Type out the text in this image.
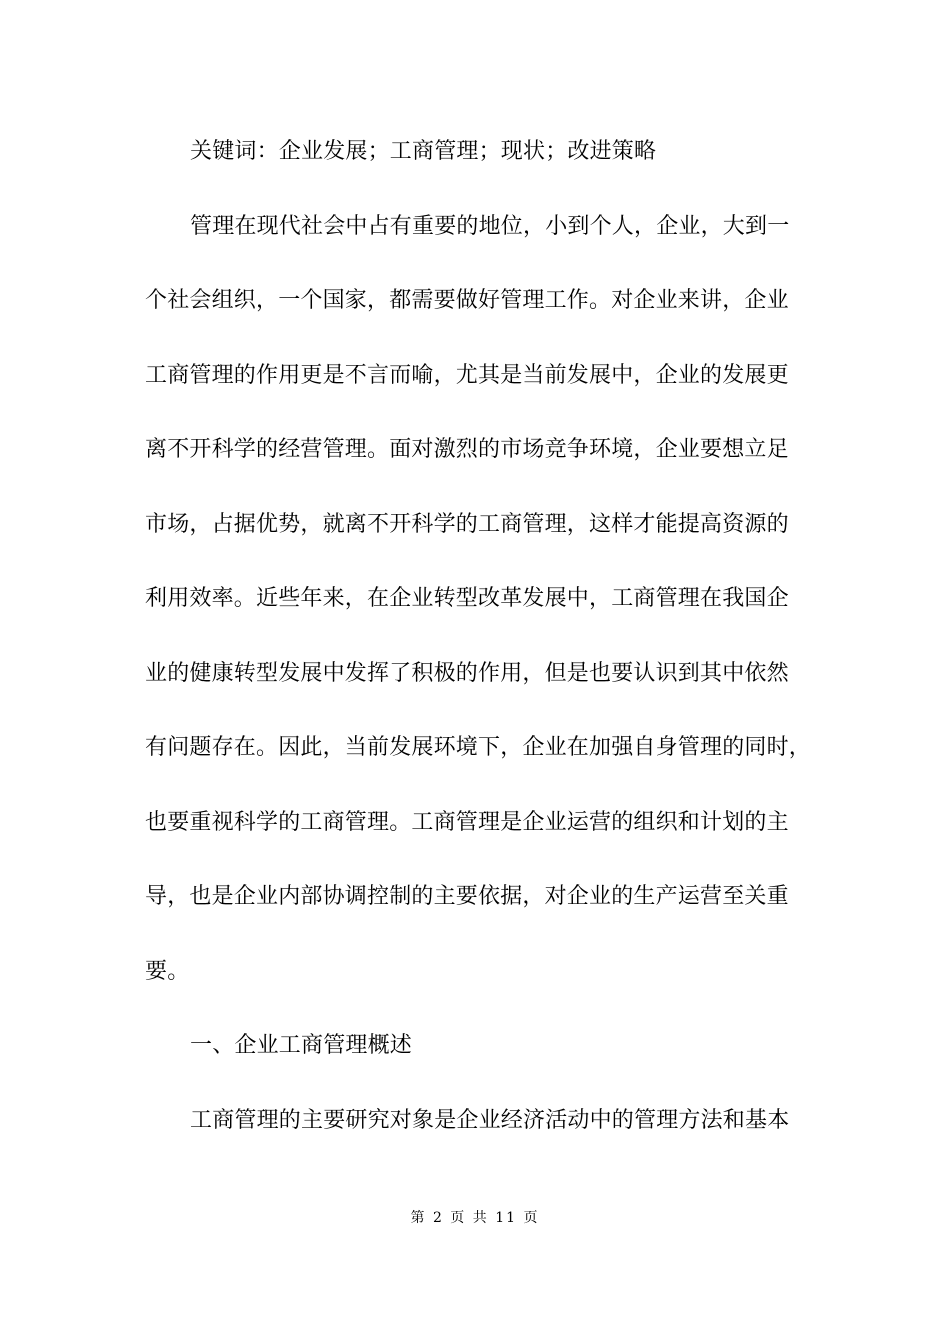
关键词：企业发展；工商管理；现状；改进策略
管理在现代社会中占有重要的地位，小到个人，企业，大到一
个社会组织，一个国家，都需要做好管理工作。对企业来讲，企业
工商管理的作用更是不言而喻，尤其是当前发展中，企业的发展更
离不开科学的经营管理。面对激烈的市场竞争环境，企业要想立足
市场，占据优势，就离不开科学的工商管理，这样才能提高资源的
利用效率。近些年来，在企业转型改革发展中，工商管理在我国企
业的健康转型发展中发挥了积极的作用，但是也要认识到其中依然
有问题存在。因此，当前发展环境下，企业在加强自身管理的同时，
也要重视科学的工商管理。工商管理是企业运营的组织和计划的主
导，也是企业内部协调控制的主要依据，对企业的生产运营至关重
要。
一、企业工商管理概述
工商管理的主要研究对象是企业经济活动中的管理方法和基本
第 2 页 共 11 页
